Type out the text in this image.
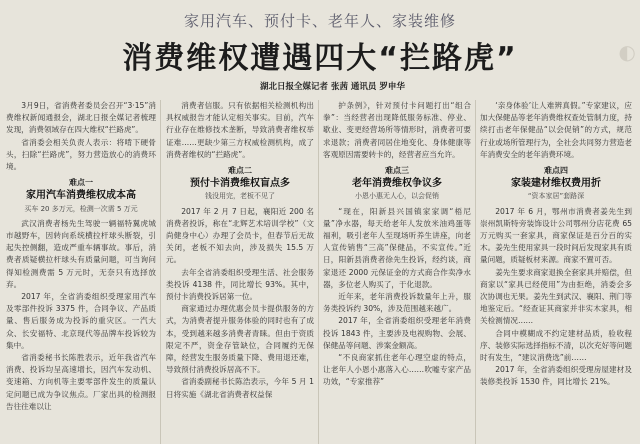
家用汽车、预付卡、老年人、家装维修
消费维权遭遇四大“拦路虎”	◐
湖北日报全媒记者 张茜 通讯员 罗申华

3月9日，省消费者委员会召开“3·15”消费维权新闻通报会，湖北日报全媒记者梳理发现，消费领域存在四大维权“拦路虎”。

省消委会相关负责人表示：将啃下硬骨头，扫除“拦路虎”，努力营造放心的消费环境。

难点一
家用汽车消费维权成本高
买车 20 多万元，检测一次需 5 万元

武汉消费者杨先生驾驶一辆福特翼虎城市越野车，因转向系统横拉杆球头断裂，引起失控侧翻，造成严重车辆事故。事后，消费者质疑横拉杆球头有质量问题，可当询问得知检测费需 5 万元时，无奈只有选择放弃。

2017 年，全省消委组织受理家用汽车及零部件投诉 3375 件，合同争议、产品质量、售后服务成为投诉的重灾区。一汽大众、长安福特、北京现代等品牌车投诉较为集中。

省消委秘书长陈胜表示，近年我省汽车消费、投诉均呈高速增长，因汽车发动机、变速箱、方向机等主要零部件发生的质量认定问题已成为争议焦点。厂家出具的检测报告往往难以让

消费者信服。只有依据相关检测机构出具权威报告才能认定相关事实。目前，汽车行业存在维修技术垄断，导致消费者维权举证难……更缺少第三方权威检测机构，成了消费者维权的“拦路虎”。

难点二
预付卡消费维权盲点多
钱没用完，老板不见了

2017 年 2 月 7 日起，襄阳近 200 名消费者投诉，称在“北辉艺术培训学校”（文尚健身中心）办理了会员卡，但春节后无故关闭，老板不知去向，涉及损失 15.5 万元。

去年全省消委组织受理生活、社会服务类投诉 4138 件，同比增长 93%。其中，预付卡消费投诉居第一位。

商家通过办理优惠会员卡提供服务的方式，为消费者提升服务体验的同时也有了成本，受到越来越多消费者青睐。但由于资质限定不严，资金存管缺位，合同履约无保障，经营发生服务质量下降、费用退还难，导致预付消费投诉居高不下。

省消委副秘书长陈浩表示，今年 5 月 1 日将实施《湖北省消费者权益保

护条例》，针对预付卡问题打出“组合拳”：当经营者出现降低服务标准、停业、歇业、变更经营场所等情形时，消费者可要求退款；消费者同居住地变化、身体健康等客观原因需要转卡的，经营者应当允许。

难点三
老年消费维权争议多
小恩小惠无人心，以会促销

“现在，阳新县兴国镇家家调“梧尼量”净水器，每天给老年人发放米油鸡蛋等福利，吸引老年人至现场听养生讲座，向老人宣传销售“三高”保健品，不实宣传。”近日，阳新县消费者徐先生投诉，经约谈，商家退还 2000 元保证金的方式商合作卖净水器，多位老人购买了，于化退款。

近年来，老年消费投诉数量年上升，服务类投诉约 30%，涉及范围越来越广。

2017 年，全省消委组织受理老年消费投诉 1843 件，主要涉及电视购物、会展、保健品等问题、涉案金额高。

“不良商家抓住老年心理空虚的特点，让老年人小恩小惠落入心……吹嘘专家产品功效，“专家推荐”

‘亲身体验’让人难辨真假。”专家建议，应加大保健品等老年消费维权查处管制力度，持续打击老年保健品“以会促销”的方式，规范行业或场所管理行为，全社会共同努力营造老年消费安全的老年消费环境。

难点四
家装建材维权费用折
“资本家居”套路深

2017 年 6 月，鄂州市消费者姜先生到崇州凯斯特旁装饰设计公司鄂州分店花费 65 万元购买一套家具，商家保证是百分百的实木。姜先生使用家具一段时间后发现家具有质量问题，质疑板材来源。商家不置可否。

姜先生要求商家退换全套家具并赔偿，但商家以“家具已经使用”为由拒绝，消委会多次协调也无果。姜先生到武汉、襄阳、荆门等地鉴定后。“经查证其商家并非实木家具，相关检测情况……

合同中模糊成不约定建材品质，验收程序、装修实际选择指标不清，以次充好等问题时有发生，“建议消费选”前……

2017 年，全省消委组织受理房屋建材及装修类投诉 1530 件，同比增长 21%。
